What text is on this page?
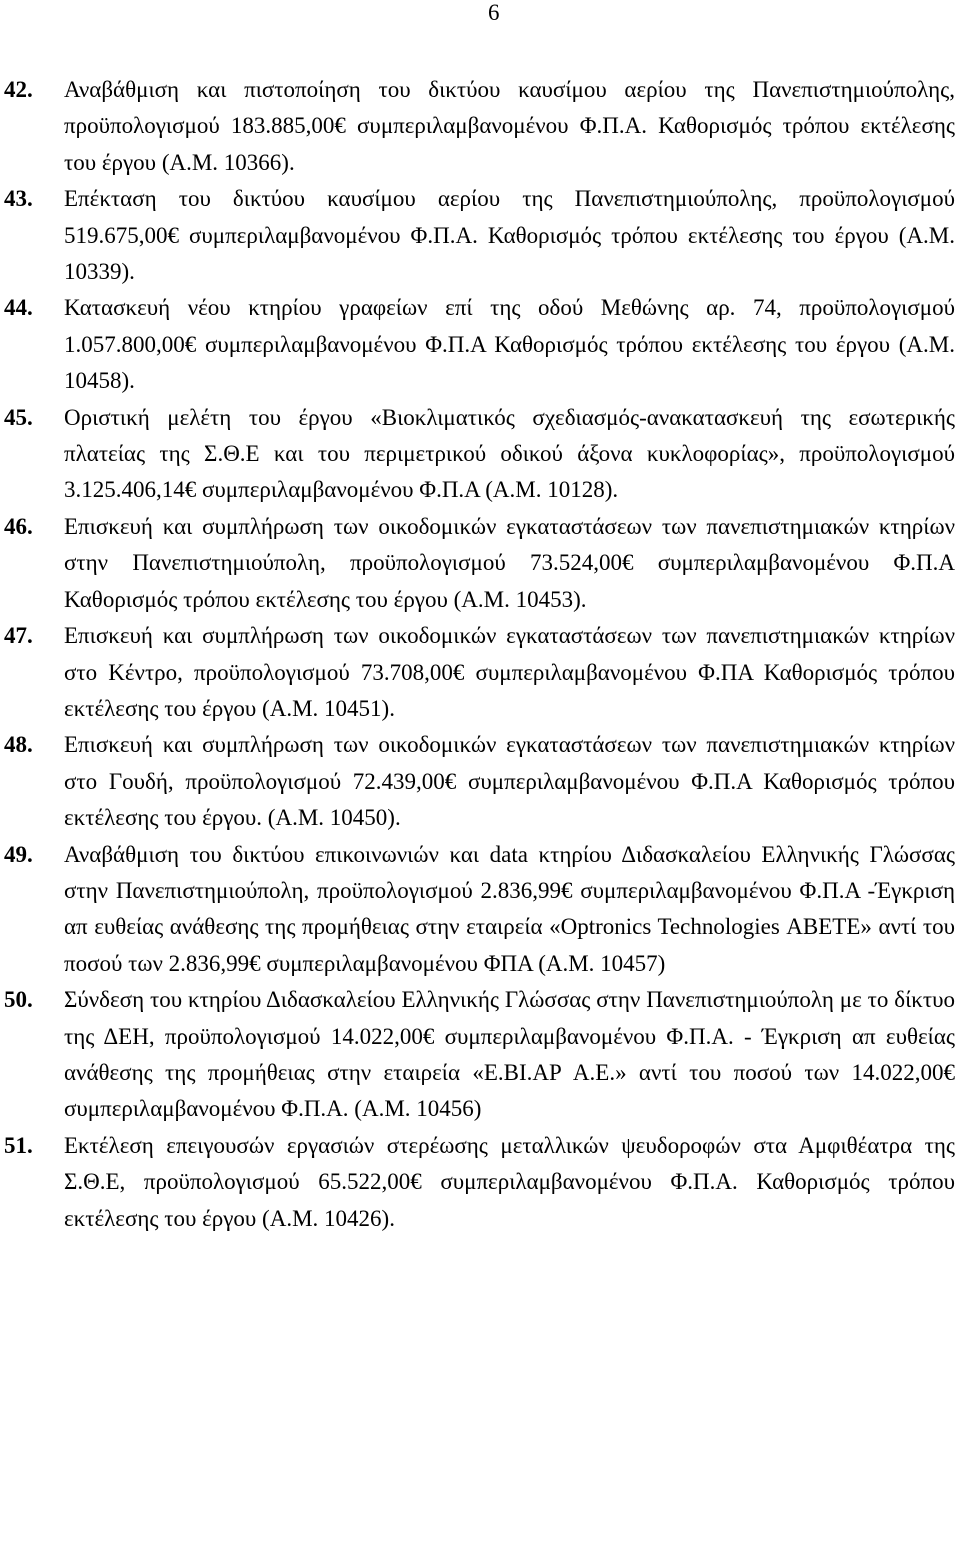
6
42. Αναβάθμιση και πιστοποίηση του δικτύου καυσίμου αερίου της Πανεπιστημιούπολης, προϋπολογισμού 183.885,00€ συμπεριλαμβανομένου Φ.Π.Α. Καθορισμός τρόπου εκτέλεσης του έργου (Α.Μ. 10366).
43. Επέκταση του δικτύου καυσίμου αερίου της Πανεπιστημιούπολης, προϋπολογισμού 519.675,00€ συμπεριλαμβανομένου Φ.Π.Α. Καθορισμός τρόπου εκτέλεσης του έργου (Α.Μ. 10339).
44. Κατασκευή νέου κτηρίου γραφείων επί της οδού Μεθώνης αρ. 74, προϋπολογισμού 1.057.800,00€ συμπεριλαμβανομένου Φ.Π.Α Καθορισμός τρόπου εκτέλεσης του έργου (Α.Μ. 10458).
45. Οριστική μελέτη του έργου «Βιοκλιματικός σχεδιασμός-ανακατασκευή της εσωτερικής πλατείας της Σ.Θ.Ε και του περιμετρικού οδικού άξονα κυκλοφορίας», προϋπολογισμού 3.125.406,14€ συμπεριλαμβανομένου Φ.Π.Α (Α.Μ. 10128).
46. Επισκευή και συμπλήρωση των οικοδομικών εγκαταστάσεων των πανεπιστημιακών κτηρίων στην Πανεπιστημιούπολη, προϋπολογισμού 73.524,00€ συμπεριλαμβανομένου Φ.Π.Α Καθορισμός τρόπου εκτέλεσης του έργου (Α.Μ. 10453).
47. Επισκευή και συμπλήρωση των οικοδομικών εγκαταστάσεων των πανεπιστημιακών κτηρίων στο Κέντρο, προϋπολογισμού 73.708,00€ συμπεριλαμβανομένου Φ.ΠΑ Καθορισμός τρόπου εκτέλεσης του έργου (Α.Μ. 10451).
48. Επισκευή και συμπλήρωση των οικοδομικών εγκαταστάσεων των πανεπιστημιακών κτηρίων στο Γουδή, προϋπολογισμού 72.439,00€ συμπεριλαμβανομένου Φ.Π.Α Καθορισμός τρόπου εκτέλεσης του έργου. (Α.Μ. 10450).
49. Αναβάθμιση του δικτύου επικοινωνιών και data κτηρίου Διδασκαλείου Ελληνικής Γλώσσας στην Πανεπιστημιούπολη, προϋπολογισμού 2.836,99€ συμπεριλαμβανομένου Φ.Π.Α -Έγκριση απ ευθείας ανάθεσης της προμήθειας στην εταιρεία «Optronics Technologies ΑΒΕΤΕ» αντί του ποσού των 2.836,99€ συμπεριλαμβανομένου ΦΠΑ (Α.Μ. 10457)
50. Σύνδεση του κτηρίου Διδασκαλείου Ελληνικής Γλώσσας στην Πανεπιστημιούπολη με το δίκτυο της ΔΕΗ, προϋπολογισμού 14.022,00€ συμπεριλαμβανομένου Φ.Π.Α. - Έγκριση απ ευθείας ανάθεσης της προμήθειας στην εταιρεία «Ε.ΒΙ.ΑΡ Α.Ε.» αντί του ποσού των 14.022,00€ συμπεριλαμβανομένου Φ.Π.Α. (Α.Μ. 10456)
51. Εκτέλεση επειγουσών εργασιών στερέωσης μεταλλικών ψευδοροφών στα Αμφιθέατρα της Σ.Θ.Ε, προϋπολογισμού 65.522,00€ συμπεριλαμβανομένου Φ.Π.Α. Καθορισμός τρόπου εκτέλεσης του έργου (Α.Μ. 10426).
